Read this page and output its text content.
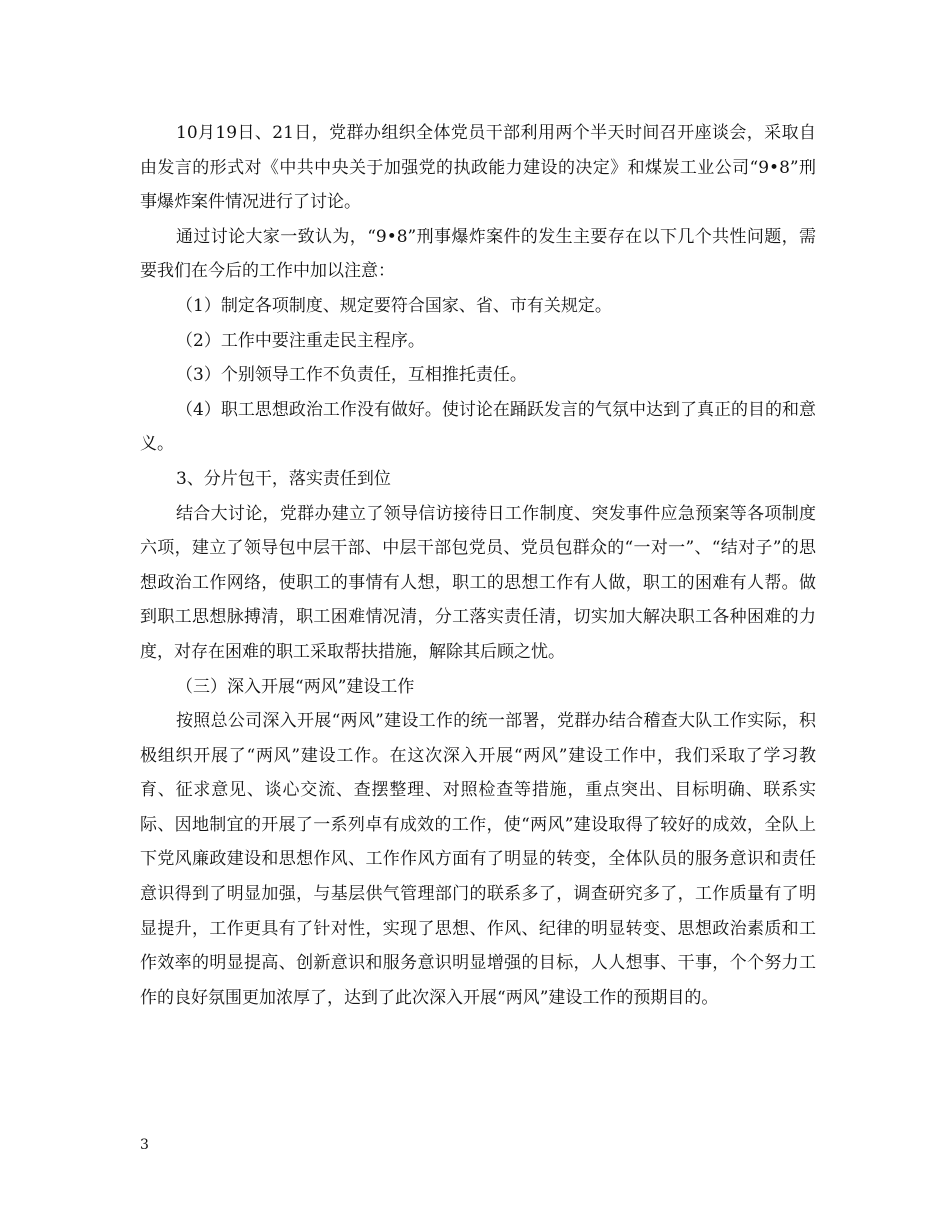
10月19日、21日，党群办组织全体党员干部利用两个半天时间召开座谈会，采取自由发言的形式对《中共中央关于加强党的执政能力建设的决定》和煤炭工业公司“9•8”刑事爆炸案件情况进行了讨论。

通过讨论大家一致认为，“9•8”刑事爆炸案件的发生主要存在以下几个共性问题，需要我们在今后的工作中加以注意：

（1）制定各项制度、规定要符合国家、省、市有关规定。

（2）工作中要注重走民主程序。

（3）个别领导工作不负责任，互相推托责任。

（4）职工思想政治工作没有做好。使讨论在踊跃发言的气氛中达到了真正的目的和意义。

3、分片包干，落实责任到位

结合大讨论，党群办建立了领导信访接待日工作制度、突发事件应急预案等各项制度六项，建立了领导包中层干部、中层干部包党员、党员包群众的“一对一”、“结对子”的思想政治工作网络，使职工的事情有人想，职工的思想工作有人做，职工的困难有人帮。做到职工思想脉搏清，职工困难情况清，分工落实责任清，切实加大解决职工各种困难的力度，对存在困难的职工采取帮扶措施，解除其后顾之忧。

（三）深入开展“两风”建设工作

按照总公司深入开展“两风”建设工作的统一部署，党群办结合稽查大队工作实际，积极组织开展了“两风”建设工作。在这次深入开展“两风”建设工作中，我们采取了学习教育、征求意见、谈心交流、查摆整理、对照检查等措施，重点突出、目标明确、联系实际、因地制宜的开展了一系列卓有成效的工作，使“两风”建设取得了较好的成效，全队上下党风廉政建设和思想作风、工作作风方面有了明显的转变，全体队员的服务意识和责任意识得到了明显加强，与基层供气管理部门的联系多了，调查研究多了，工作质量有了明显提升，工作更具有了针对性，实现了思想、作风、纪律的明显转变、思想政治素质和工作效率的明显提高、创新意识和服务意识明显增强的目标，人人想事、干事，个个努力工作的良好氛围更加浓厚了，达到了此次深入开展“两风”建设工作的预期目的。

3
